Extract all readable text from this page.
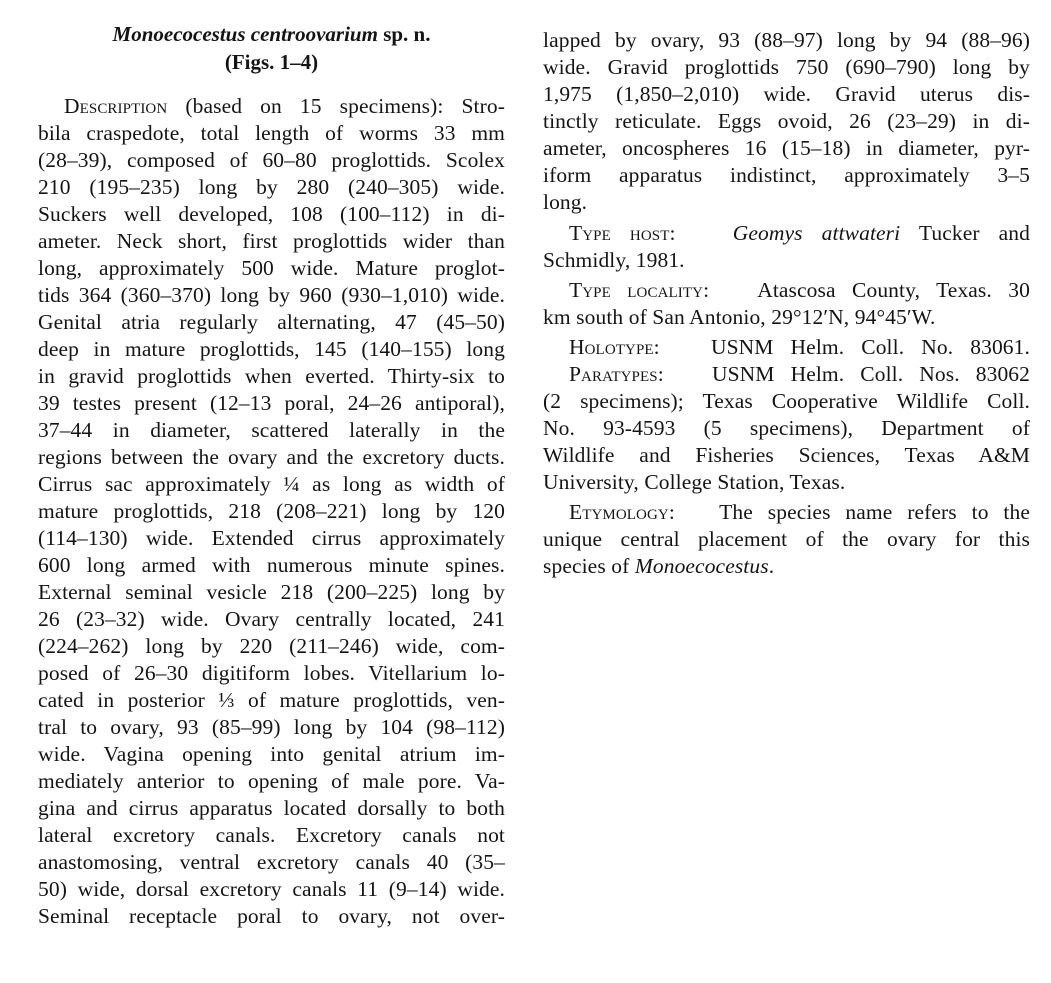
Monoecocestus centroovarium sp. n.
(Figs. 1–4)
Description (based on 15 specimens): Stro-
bila craspedote, total length of worms 33 mm
(28–39), composed of 60–80 proglottids. Scolex
210 (195–235) long by 280 (240–305) wide.
Suckers well developed, 108 (100–112) in di-
ameter. Neck short, first proglottids wider than
long, approximately 500 wide. Mature proglot-
tids 364 (360–370) long by 960 (930–1,010) wide.
Genital atria regularly alternating, 47 (45–50)
deep in mature proglottids, 145 (140–155) long
in gravid proglottids when everted. Thirty-six to
39 testes present (12–13 poral, 24–26 antiporal),
37–44 in diameter, scattered laterally in the
regions between the ovary and the excretory ducts.
Cirrus sac approximately ¼ as long as width of
mature proglottids, 218 (208–221) long by 120
(114–130) wide. Extended cirrus approximately
600 long armed with numerous minute spines.
External seminal vesicle 218 (200–225) long by
26 (23–32) wide. Ovary centrally located, 241
(224–262) long by 220 (211–246) wide, com-
posed of 26–30 digitiform lobes. Vitellarium lo-
cated in posterior ⅓ of mature proglottids, ven-
tral to ovary, 93 (85–99) long by 104 (98–112)
wide. Vagina opening into genital atrium im-
mediately anterior to opening of male pore. Va-
gina and cirrus apparatus located dorsally to both
lateral excretory canals. Excretory canals not
anastomosing, ventral excretory canals 40 (35–
50) wide, dorsal excretory canals 11 (9–14) wide.
Seminal receptacle poral to ovary, not over-
lapped by ovary, 93 (88–97) long by 94 (88–96)
wide. Gravid proglottids 750 (690–790) long by
1,975 (1,850–2,010) wide. Gravid uterus dis-
tinctly reticulate. Eggs ovoid, 26 (23–29) in di-
ameter, oncospheres 16 (15–18) in diameter, pyr-
iform apparatus indistinct, approximately 3–5
long.
Type host:	Geomys attwateri Tucker and
Schmidly, 1981.
Type locality: Atascosa County, Texas. 30
km south of San Antonio, 29°12′N, 94°45′W.
Holotype: USNM Helm. Coll. No. 83061.
Paratypes: USNM Helm. Coll. Nos. 83062
(2 specimens); Texas Cooperative Wildlife Coll.
No. 93-4593 (5 specimens), Department of
Wildlife and Fisheries Sciences, Texas A&M
University, College Station, Texas.
Etymology: The species name refers to the
unique central placement of the ovary for this
species of Monoecocestus.
